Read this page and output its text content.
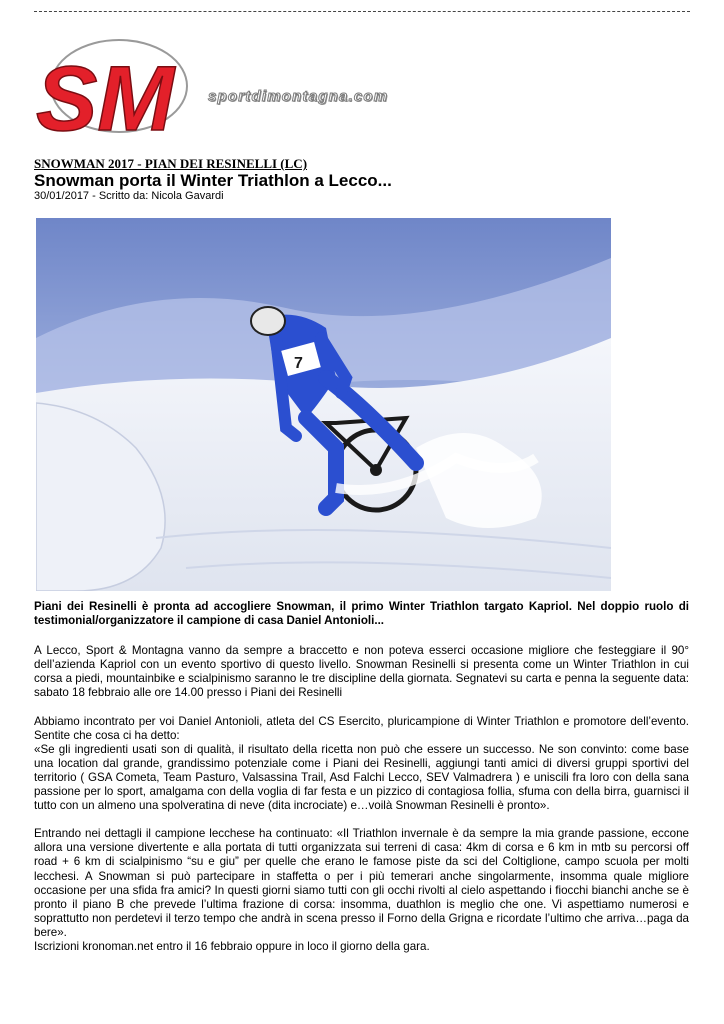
SM sportdimontagna.com
SNOWMAN 2017 - PIAN DEI RESINELLI (LC)
Snowman porta il Winter Triathlon a Lecco...
30/01/2017 - Scritto da: Nicola Gavardi
7

Piani dei Resinelli è pronta ad accogliere Snowman, il primo Winter Triathlon targato Kapriol. Nel doppio ruolo di testimonial/organizzatore il campione di casa Daniel Antonioli...

A Lecco, Sport & Montagna vanno da sempre a braccetto e non poteva esserci occasione migliore che festeggiare il 90° dell’azienda Kapriol con un evento sportivo di questo livello. Snowman Resinelli si presenta come un Winter Triathlon in cui corsa a piedi, mountainbike e scialpinismo saranno le tre discipline della giornata. Segnatevi su carta e penna la seguente data: sabato 18 febbraio alle ore 14.00 presso i Piani dei Resinelli

Abbiamo incontrato per voi Daniel Antonioli, atleta del CS Esercito, pluricampione di Winter Triathlon e promotore dell’evento. Sentite che cosa ci ha detto:

«Se gli ingredienti usati son di qualità, il risultato della ricetta non può che essere un successo. Ne son convinto: come base una location dal grande, grandissimo potenziale come i Piani dei Resinelli, aggiungi tanti amici di diversi gruppi sportivi del territorio ( GSA Cometa, Team Pasturo, Valsassina Trail, Asd Falchi Lecco, SEV Valmadrera ) e uniscili fra loro con della sana passione per lo sport, amalgama con della voglia di far festa e un pizzico di contagiosa follia, sfuma con della birra, guarnisci il tutto con un almeno una spolveratina di neve (dita incrociate) e…voilà Snowman Resinelli è pronto».

Entrando nei dettagli il campione lecchese ha continuato: «Il Triathlon invernale è da sempre la mia grande passione, eccone allora una versione divertente e alla portata di tutti organizzata sui terreni di casa: 4km di corsa e 6 km in mtb su percorsi off road + 6 km di scialpinismo “su e giu” per quelle che erano le famose piste da sci del Coltiglione, campo scuola per molti lecchesi. A Snowman si può partecipare in staffetta o per i più temerari anche singolarmente, insomma quale migliore occasione per una sfida fra amici? In questi giorni siamo tutti con gli occhi rivolti al cielo aspettando i fiocchi bianchi anche se è pronto il piano B che prevede l’ultima frazione di corsa: insomma, duathlon is meglio che one. Vi aspettiamo numerosi e soprattutto non perdetevi il terzo tempo che andrà in scena presso il Forno della Grigna e ricordate l’ultimo che arriva…paga da bere».

Iscrizioni kronoman.net entro il 16 febbraio oppure in loco il giorno della gara.
